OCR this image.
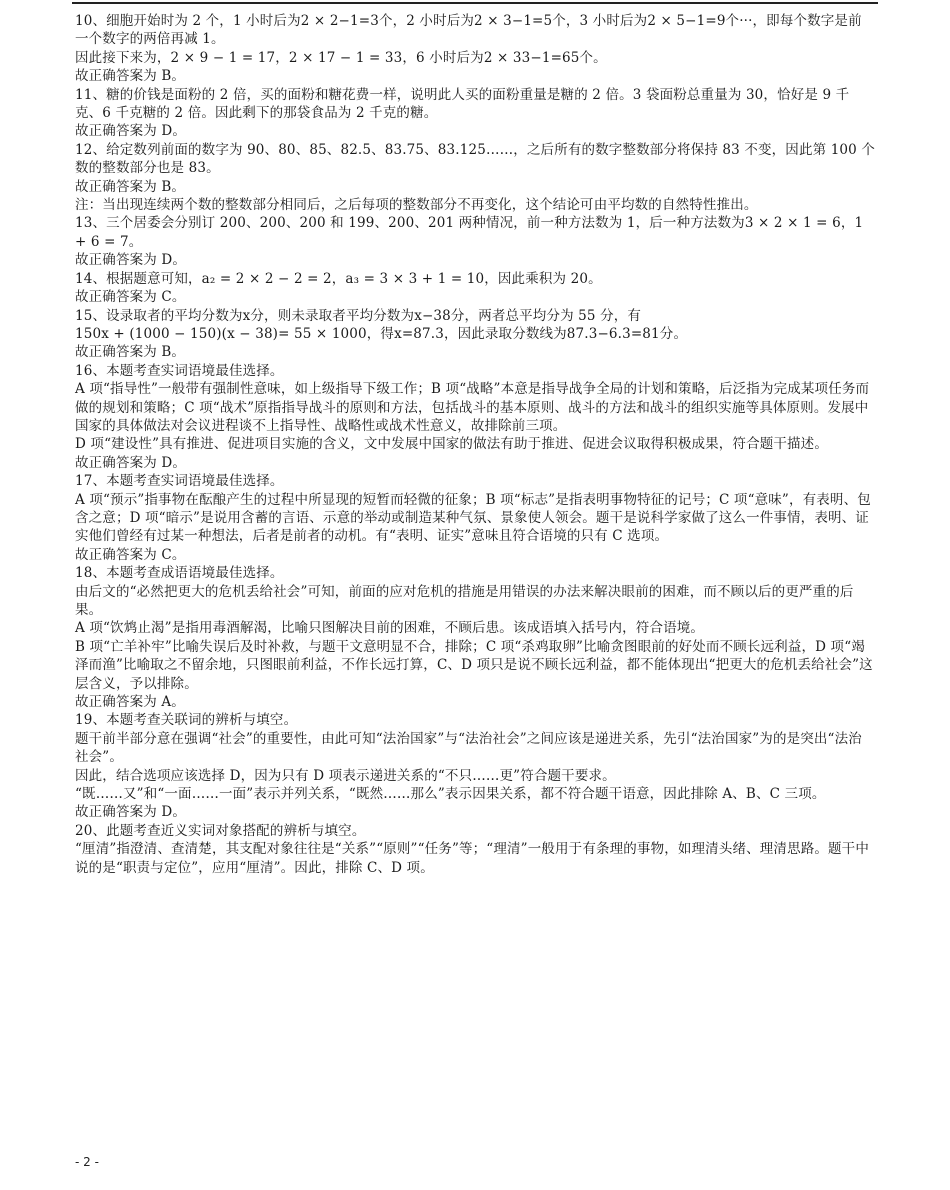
10、细胞开始时为 2 个，1 小时后为2 × 2−1=3个，2 小时后为2 × 3−1=5个，3 小时后为2 × 5−1=9个···，即每个数字是前一个数字的两倍再减 1。
因此接下来为，2 × 9 − 1 = 17，2 × 17 − 1 = 33，6 小时后为2 × 33−1=65个。
故正确答案为 B。
11、糖的价钱是面粉的 2 倍，买的面粉和糖花费一样，说明此人买的面粉重量是糖的 2 倍。3 袋面粉总重量为 30，恰好是 9 千克、6 千克糖的 2 倍。因此剩下的那袋食品为 2 千克的糖。
故正确答案为 D。
12、给定数列前面的数字为 90、80、85、82.5、83.75、83.125……，之后所有的数字整数部分将保持 83 不变，因此第 100 个数的整数部分也是 83。
故正确答案为 B。
注：当出现连续两个数的整数部分相同后，之后每项的整数部分不再变化，这个结论可由平均数的自然特性推出。
13、三个居委会分别订 200、200、200 和 199、200、201 两种情况，前一种方法数为 1，后一种方法数为3 × 2 × 1 = 6，1 + 6 = 7。
故正确答案为 D。
14、根据题意可知，a₂ = 2 × 2 − 2 = 2，a₃ = 3 × 3 + 1 = 10，因此乘积为 20。
故正确答案为 C。
15、设录取者的平均分数为x分，则未录取者平均分数为x−38分，两者总平均分为 55 分，有
150x + (1000 − 150)(x − 38)= 55 × 1000，得x=87.3，因此录取分数线为87.3−6.3=81分。
故正确答案为 B。
16、本题考查实词语境最佳选择。
A 项“指导性”一般带有强制性意味，如上级指导下级工作；B 项“战略”本意是指导战争全局的计划和策略，后泛指为完成某项任务而做的规划和策略；C 项“战术”原指指导战斗的原则和方法，包括战斗的基本原则、战斗的方法和战斗的组织实施等具体原则。发展中国家的具体做法对会议进程谈不上指导性、战略性或战术性意义，故排除前三项。
D 项“建设性”具有推进、促进项目实施的含义，文中发展中国家的做法有助于推进、促进会议取得积极成果，符合题干描述。
故正确答案为 D。
17、本题考查实词语境最佳选择。
A 项“预示”指事物在酝酿产生的过程中所显现的短暂而轻微的征象；B 项“标志”是指表明事物特征的记号；C 项“意味”，有表明、包含之意；D 项“暗示”是说用含蓄的言语、示意的举动或制造某种气氛、景象使人领会。题干是说科学家做了这么一件事情，表明、证实他们曾经有过某一种想法，后者是前者的动机。有“表明、证实”意味且符合语境的只有 C 选项。
故正确答案为 C。
18、本题考查成语语境最佳选择。
由后文的“必然把更大的危机丢给社会”可知，前面的应对危机的措施是用错误的办法来解决眼前的困难，而不顾以后的更严重的后果。
A 项“饮鸩止渴”是指用毒酒解渴，比喻只图解决目前的困难，不顾后患。该成语填入括号内，符合语境。
B 项“亡羊补牢”比喻失误后及时补救，与题干文意明显不合，排除；C 项“杀鸡取卵”比喻贪图眼前的好处而不顾长远利益，D 项“竭泽而渔”比喻取之不留余地，只图眼前利益，不作长远打算，C、D 项只是说不顾长远利益，都不能体现出“把更大的危机丢给社会”这层含义，予以排除。
故正确答案为 A。
19、本题考查关联词的辨析与填空。
题干前半部分意在强调“社会”的重要性，由此可知“法治国家”与“法治社会”之间应该是递进关系，先引“法治国家”为的是突出“法治社会”。
因此，结合选项应该选择 D，因为只有 D 项表示递进关系的“不只……更”符合题干要求。
“既……又”和“一面……一面”表示并列关系，“既然……那么”表示因果关系，都不符合题干语意，因此排除 A、B、C 三项。
故正确答案为 D。
20、此题考查近义实词对象搭配的辨析与填空。
“厘清”指澄清、查清楚，其支配对象往往是“关系”“原则”“任务”等；“理清”一般用于有条理的事物，如理清头绪、理清思路。题干中说的是“职责与定位”，应用“厘清”。因此，排除 C、D 项。
- 2 -
